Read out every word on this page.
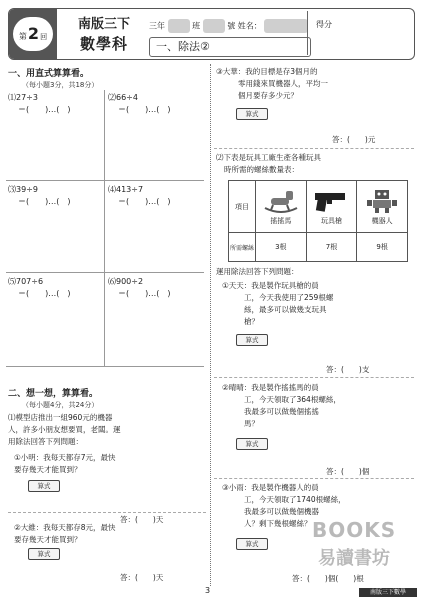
第2回
南版三下
數學科
三年	班	號 姓名：
一、除法②
得分
一、用直式算算看。
（每小題3分，共18分）
⑴27÷3
＝(　　)…(　)
⑵66÷4
＝(　　)…(　)
⑶39÷9
＝(　　)…(　)
⑷413÷7
＝(　　)…(　)
⑸707÷6
＝(　　)…(　)
⑹900÷2
＝(　　)…(　)
二、想一想，算算看。
（每小題4分，共24分）
⑴模型店推出一組960元的機器
人，許多小朋友想要買，老闆。運
用除法回答下列問題：
①小明：我每天都存7元，最快
要存幾天才能買到？
算式
答：(　　)天
②大維：我每天都存8元，最快
要存幾天才能買到？
算式
答：(　　)天
③大華：我的目標是存3個月的
零用錢來買機器人，平均一
個月要存多少元？
算式
答：(　　)元
⑵下表是玩具工廠生產各種玩具
時所需的螺絲數量表：
項目	搖搖馬	玩具槍	機器人

所需螺絲	3根	7根	9根
運用除法回答下列問題：
①天天：我是製作玩具槍的員
工，今天我使用了259根螺
絲，最多可以做幾支玩具
槍？
算式
答：(　　)支
②晴晴：我是製作搖搖馬的員
工，今天領取了364根螺絲，
我最多可以做幾個搖搖
馬？
算式
答：(　　)個
③小雨：我是製作機器人的員
工，今天領取了1740根螺絲，
我最多可以做幾個機器
人？剩下幾根螺絲？
算式
BOOKS
易讀書坊
答：(　　)個(　　)根
3	南版三下數學
